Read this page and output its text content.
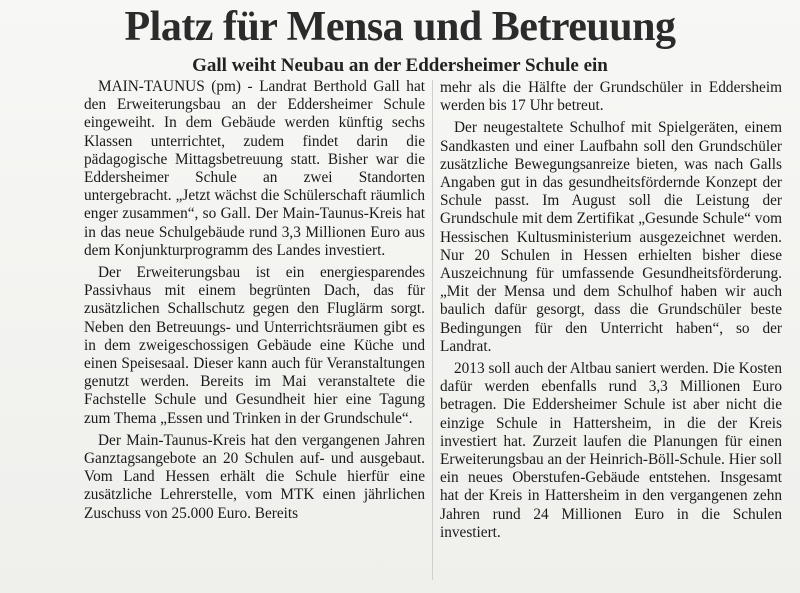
Platz für Mensa und Betreuung
Gall weiht Neubau an der Eddersheimer Schule ein

MAIN-TAUNUS (pm) - Landrat Berthold Gall hat den Erweiterungsbau an der Eddersheimer Schule eingeweiht. In dem Gebäude werden künftig sechs Klassen unterrichtet, zudem findet darin die pädagogische Mittagsbetreuung statt. Bisher war die Eddersheimer Schule an zwei Standorten untergebracht. „Jetzt wächst die Schülerschaft räumlich enger zusammen“, so Gall. Der Main-Taunus-Kreis hat in das neue Schulgebäude rund 3,3 Millionen Euro aus dem Konjunkturprogramm des Landes investiert.

Der Erweiterungsbau ist ein energiesparendes Passivhaus mit einem begrünten Dach, das für zusätzlichen Schallschutz gegen den Fluglärm sorgt. Neben den Betreuungs- und Unterrichtsräumen gibt es in dem zweigeschossigen Gebäude eine Küche und einen Speisesaal. Dieser kann auch für Veranstaltungen genutzt werden. Bereits im Mai veranstaltete die Fachstelle Schule und Gesundheit hier eine Tagung zum Thema „Essen und Trinken in der Grundschule“.

Der Main-Taunus-Kreis hat den vergangenen Jahren Ganztagsangebote an 20 Schulen auf- und ausgebaut. Vom Land Hessen erhält die Schule hierfür eine zusätzliche Lehrerstelle, vom MTK einen jährlichen Zuschuss von 25.000 Euro. Bereits

mehr als die Hälfte der Grundschüler in Eddersheim werden bis 17 Uhr betreut.

Der neugestaltete Schulhof mit Spielgeräten, einem Sandkasten und einer Laufbahn soll den Grundschüler zusätzliche Bewegungsanreize bieten, was nach Galls Angaben gut in das gesundheitsfördernde Konzept der Schule passt. Im August soll die Leistung der Grundschule mit dem Zertifikat „Gesunde Schule“ vom Hessischen Kultusministerium ausgezeichnet werden. Nur 20 Schulen in Hessen erhielten bisher diese Auszeichnung für umfassende Gesundheitsförderung. „Mit der Mensa und dem Schulhof haben wir auch baulich dafür gesorgt, dass die Grundschüler beste Bedingungen für den Unterricht haben“, so der Landrat.

2013 soll auch der Altbau saniert werden. Die Kosten dafür werden ebenfalls rund 3,3 Millionen Euro betragen. Die Eddersheimer Schule ist aber nicht die einzige Schule in Hattersheim, in die der Kreis investiert hat. Zurzeit laufen die Planungen für einen Erweiterungsbau an der Heinrich-Böll-Schule. Hier soll ein neues Oberstufen-Gebäude entstehen. Insgesamt hat der Kreis in Hattersheim in den vergangenen zehn Jahren rund 24 Millionen Euro in die Schulen investiert.
